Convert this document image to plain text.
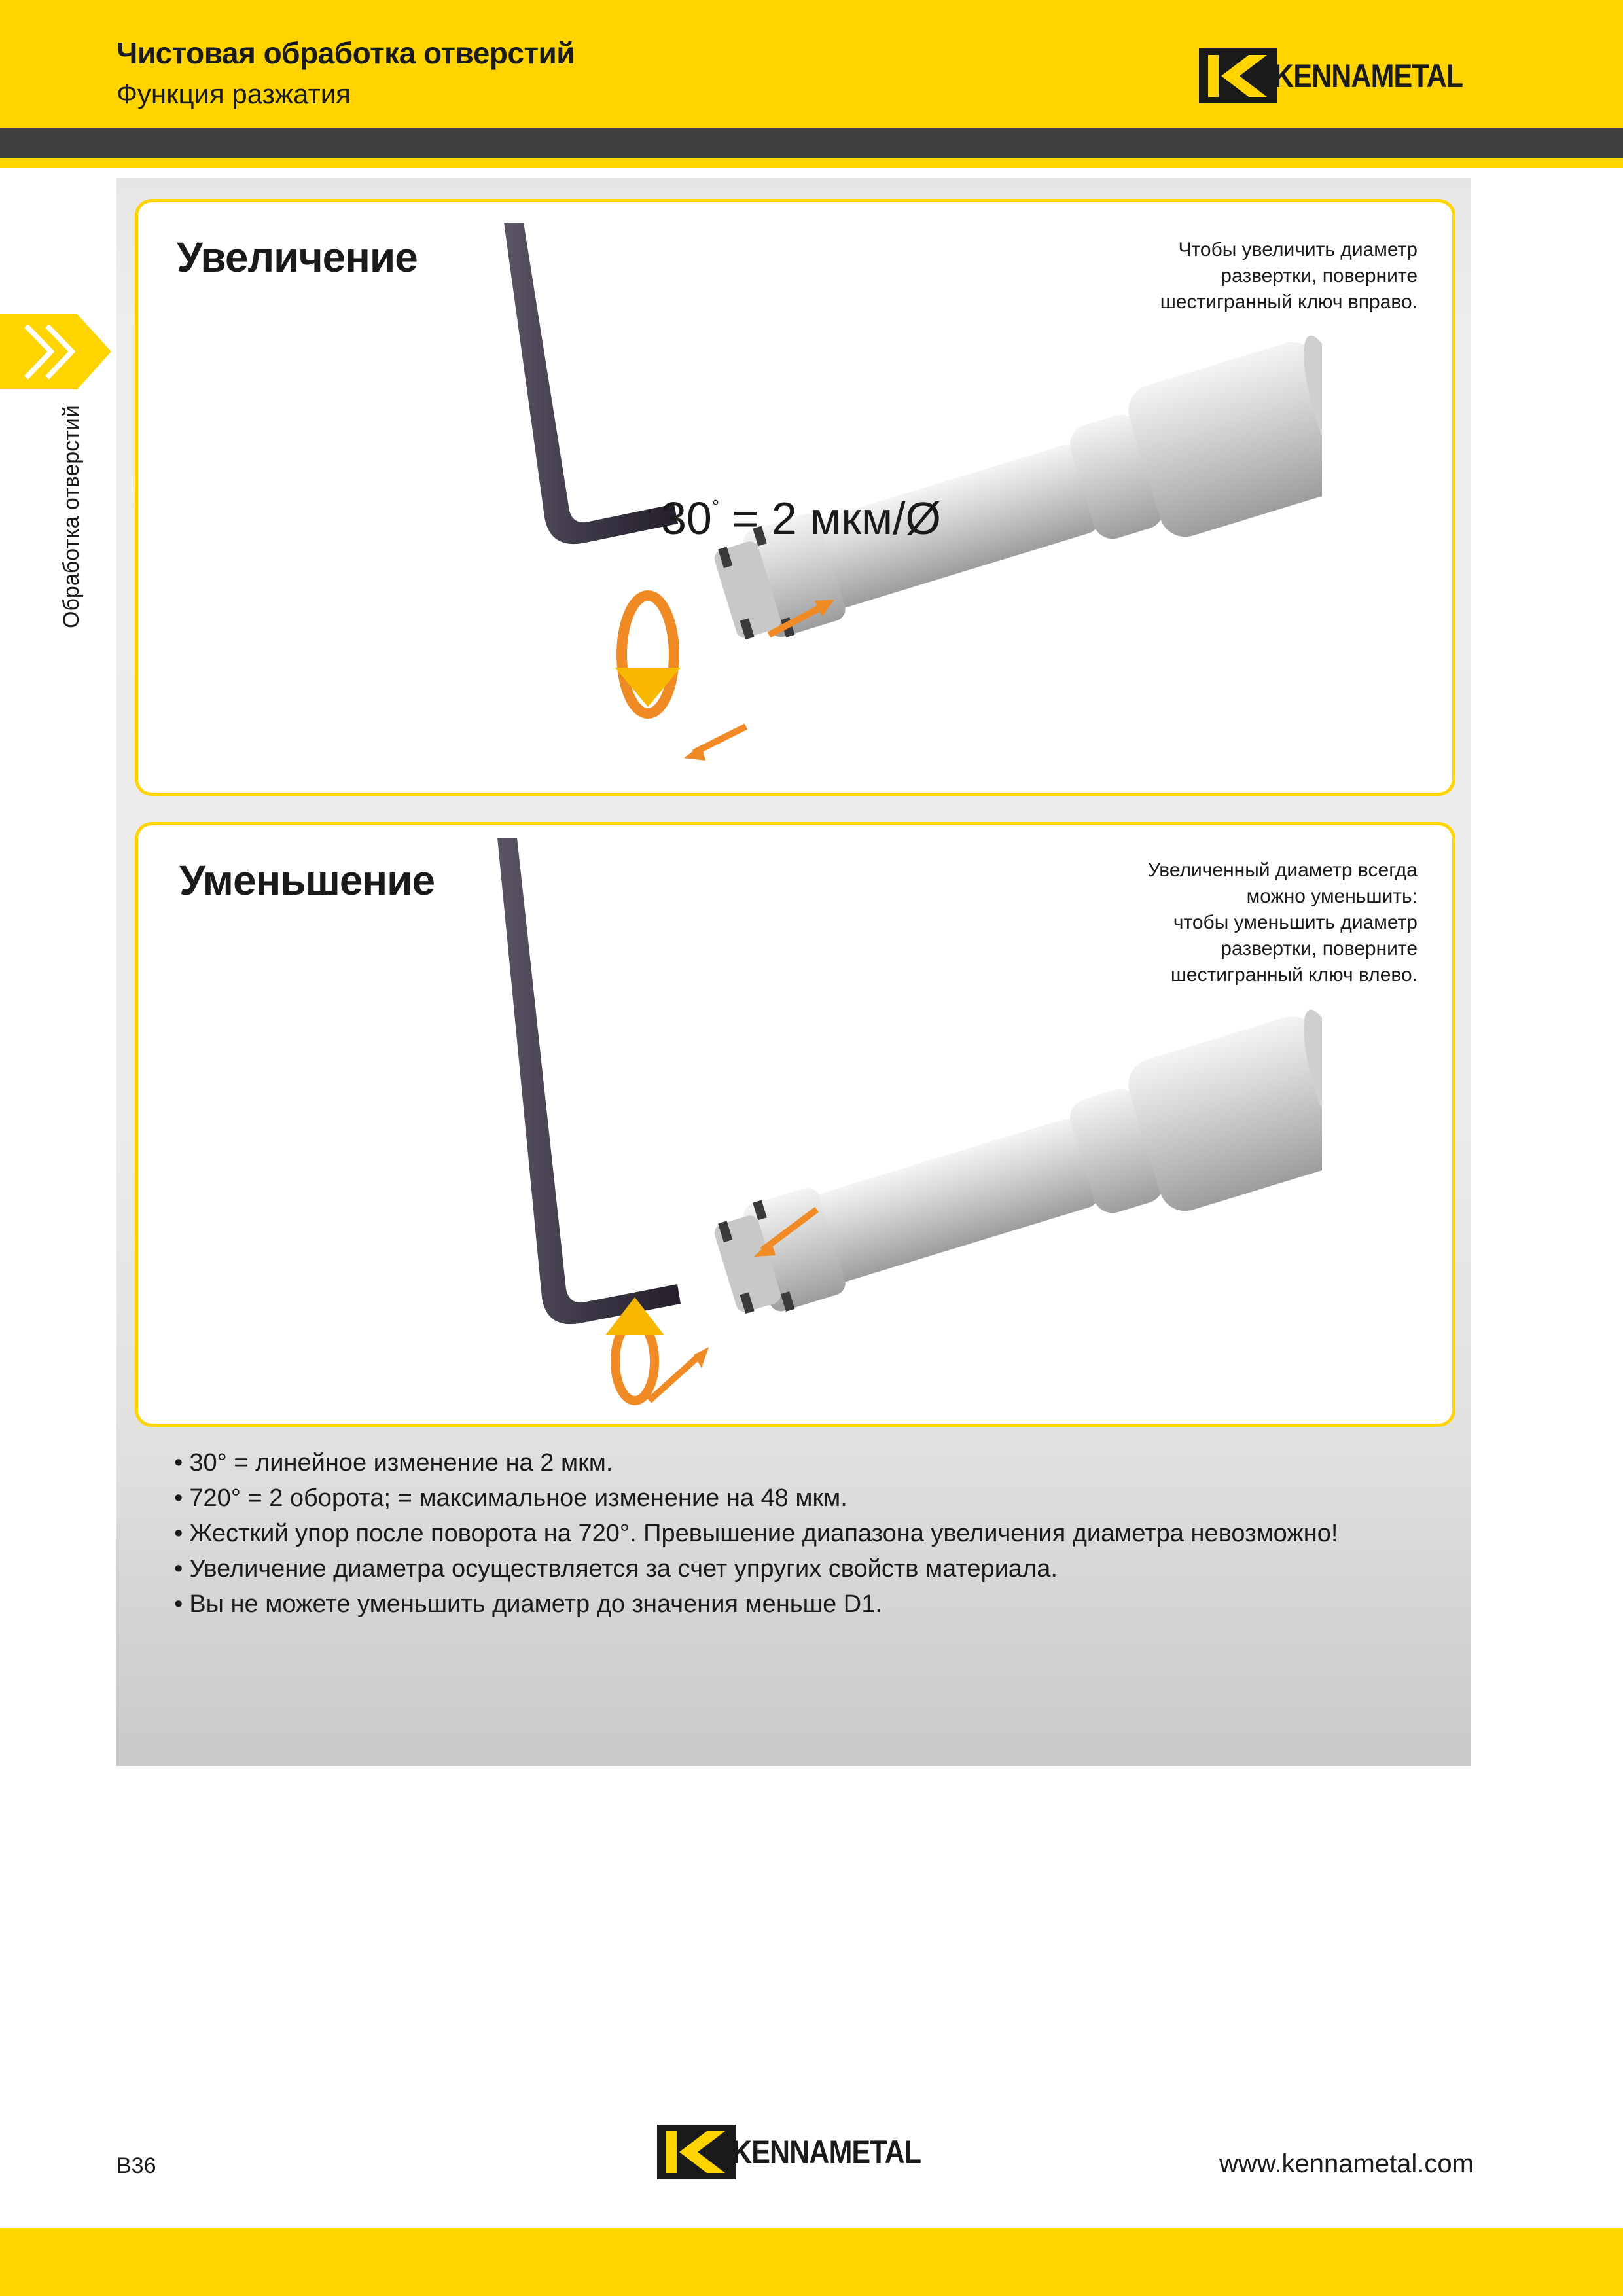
Чистовая обработка отверстий
Функция разжатия	KENNAMETAL
Обработка отверстий
Увеличение	Чтобы увеличить диаметр
развертки, поверните
шестигранный ключ вправо.
30° = 2 мкм/Ø
Уменьшение	Увеличенный диаметр всегда
можно уменьшить:
чтобы уменьшить диаметр
развертки, поверните
шестигранный ключ влево.
• 30° = линейное изменение на 2 мкм.
• 720° = 2 оборота; = максимальное изменение на 48 мкм.
• Жесткий упор после поворота на 720°. Превышение диапазона увеличения диаметра невозможно!
• Увеличение диаметра осуществляется за счет упругих свойств материала.
• Вы не можете уменьшить диаметр до значения меньше D1.
B36	KENNAMETAL	www.kennametal.com
